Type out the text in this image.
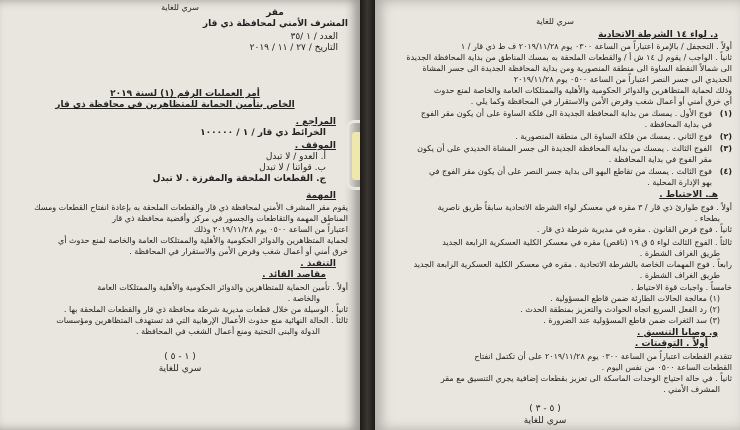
سري للغاية
مقر
المشرف الأمني لمحافظة ذي قار
العدد / ١ /٣٥
التاريخ / ٢٧ / ١١ / ٢٠١٩
أمر العمليات الرقم (١) لسنة ٢٠١٩
الخاص بتأمين الحماية للمتظاهرين في محافظة ذي قار
المراجع .
الخرائط ذي قار / ١ / ١٠٠٠٠٠
الموقف .
أ. العدو / لا تبدل
ب. قواتنا / لا تبدل
ج. القطعات الملحقة والمفرزة . لا تبدل
المهمة
يقوم مقر المشرف الأمني لمحافظة ذي قار والقطعات الملحقة به بإعادة انفتاح القطعات ومسك
المناطق المهمة والتقاطعات والجسور في مركز وأقضية محافظة ذي قار
اعتباراً من الساعة ٠٥٠٠ يوم ٢٠١٩/١١/٢٨ وذلك
لحماية المتظاهرين والدوائر الحكومية والأهلية والممتلكات العامة والخاصة لمنع حدوث أي
خرق أمني أو أعمال شغب وفرض الأمن والاستقرار في المحافظة .
التنفيذ .
مقاصد القائد .
أولاً . تأمين الحماية للمتظاهرين والدوائر الحكومية والأهلية والممتلكات العامة
والخاصة .
ثانياً . الوسيلة من خلال قطعات مديرية شرطة محافظة ذي قار والقطعات الملحقة بها .
ثالثاً . الحالة النهائية منع حدوث الأعمال الإرهابية التي قد تستهدف المتظاهرين ومؤسسات
الدولة والبنى التحتية ومنع أعمال الشغب في المحافظة .
( ١ - ٥ )
سري للغاية
سري للغاية
د. لواء ١٤ الشرطة الاتحادية
أولاً . التحجفل / بالإمرة اعتباراً من الساعة ٠٣٠٠ يوم ٢٠١٩/١١/٢٨ ف ط ذي قار / ١
ثانياً . الواجب / يقوم ل ١٤ ش أ / والقطعات الملحقة به بمسك المناطق من بداية المحافظة الجديدة
الى شمالاً النقطة الساوة الى منطقة المنصورية ومن بداية المحافظة الجديدة الى جسر المشاة
الحديدي الى جسر النصر اعتباراً من الساعة ٠٥٠٠ يوم ٢٠١٩/١١/٢٨
وذلك لحماية المتظاهرين والدوائر الحكومية والأهلية والممتلكات العامة والخاصة لمنع حدوث
أي خرق أمني أو أعمال شغب وفرض الأمن والاستقرار في المحافظة وكما يلي .
(١)
فوج الأول . يمسك من بداية المحافظة الجديدة الى فلكة الساوة على أن يكون مقر الفوج
في بداية المحافظة .
(٢)
فوج الثاني . يمسك من فلكة الساوة الى منطقة المنصورية .
(٣)
الفوج الثالث . يمسك من بداية المحافظة الجديدة الى جسر المشاة الحديدي على أن يكون
مقر الفوج في بداية المحافظة .
(٤)
فوج الثالث . يمسك من تقاطع البهو الى بداية جسر النصر على أن يكون مقر الفوج في
بهو الإدارة المحلية .
هـ. الاحتياط .
أولاً . فوج طوارئ ذي قار / ٣ مقره في معسكر لواء الشرطة الاتحادية سابقاً طريق ناصرية
بطحاء .
ثانياً . فوج فرض القانون . مقره في مديرية شرطة ذي قار .
ثالثاً . الفوج الثالث لواء ٥ ق ١٩ (ناقص) مقره في معسكر الكلية العسكرية الرابعة الجديد
طريق الغراف الشطرة .
رابعاً . فوج المهمات الخاصة بالشرطة الاتحادية . مقره في معسكر الكلية العسكرية الرابعة الجديد
طريق الغراف الشطرة .
خامساً . واجبات قوة الاحتياط .
(١) معالجة الحالات الطارئة ضمن قاطع المسؤولية .
(٢) رد الفعل السريع اتجاه الحوادث والتعزيز بمنطقة الحدث .
(٣) سد الثغرات ضمن قاطع المسؤولية عند الضرورة .
و. وصايا التنسيق .
أولاً . التوقيتات .
تتقدم القطعات اعتباراً من الساعة ٠٣٠٠ يوم ٢٠١٩/١١/٢٨ على أن تكتمل انفتاح
القطعات الساعة ٠٥٠٠ من نفس اليوم .
ثانياً . في حالة احتياج الوحدات الماسكة الى تعزيز بقطعات إضافية يجري التنسيق مع مقر
المشرف الأمني .
( ٥ - ٣ )
سري للغاية
